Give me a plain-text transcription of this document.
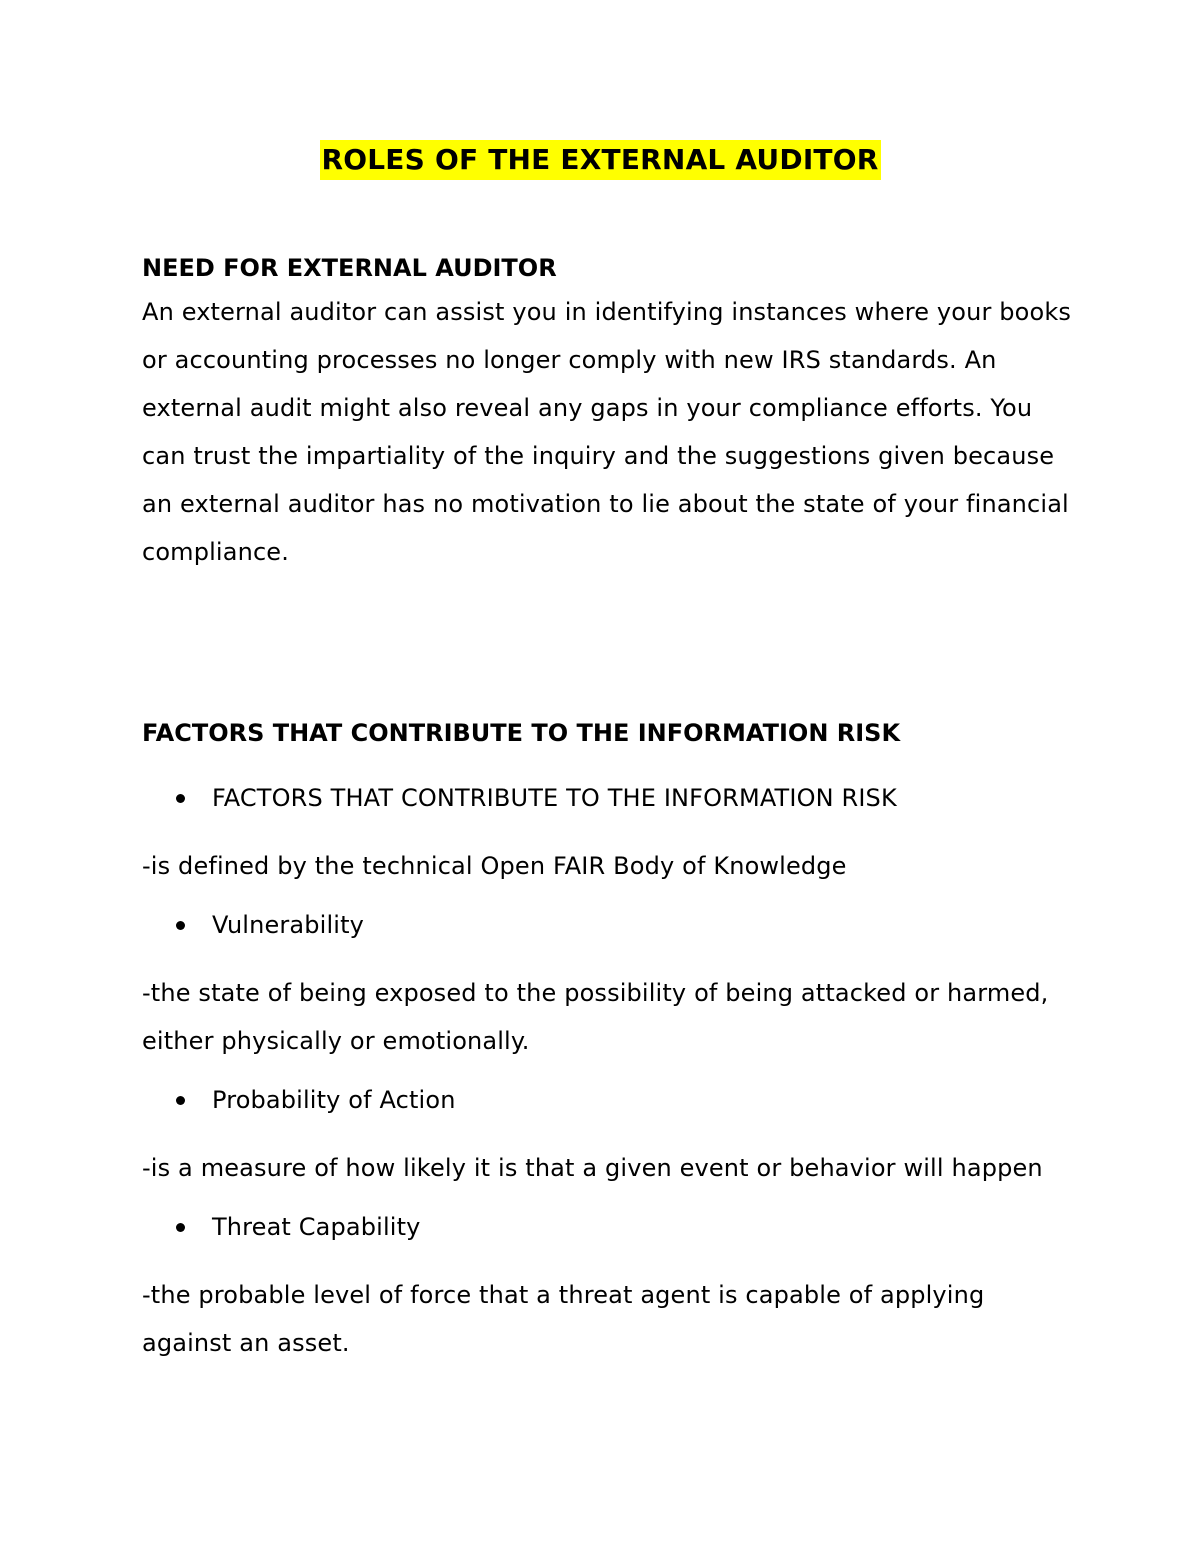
ROLES OF THE EXTERNAL AUDITOR
NEED FOR EXTERNAL AUDITOR

An external auditor can assist you in identifying instances where your books or accounting processes no longer comply with new IRS standards. An external audit might also reveal any gaps in your compliance efforts. You can trust the impartiality of the inquiry and the suggestions given because an external auditor has no motivation to lie about the state of your financial compliance.

FACTORS THAT CONTRIBUTE TO THE INFORMATION RISK
FACTORS THAT CONTRIBUTE TO THE INFORMATION RISK

-is defined by the technical Open FAIR Body of Knowledge

Vulnerability

-the state of being exposed to the possibility of being attacked or harmed, either physically or emotionally.

Probability of Action

-is a measure of how likely it is that a given event or behavior will happen

Threat Capability

-the probable level of force that a threat agent is capable of applying against an asset.
